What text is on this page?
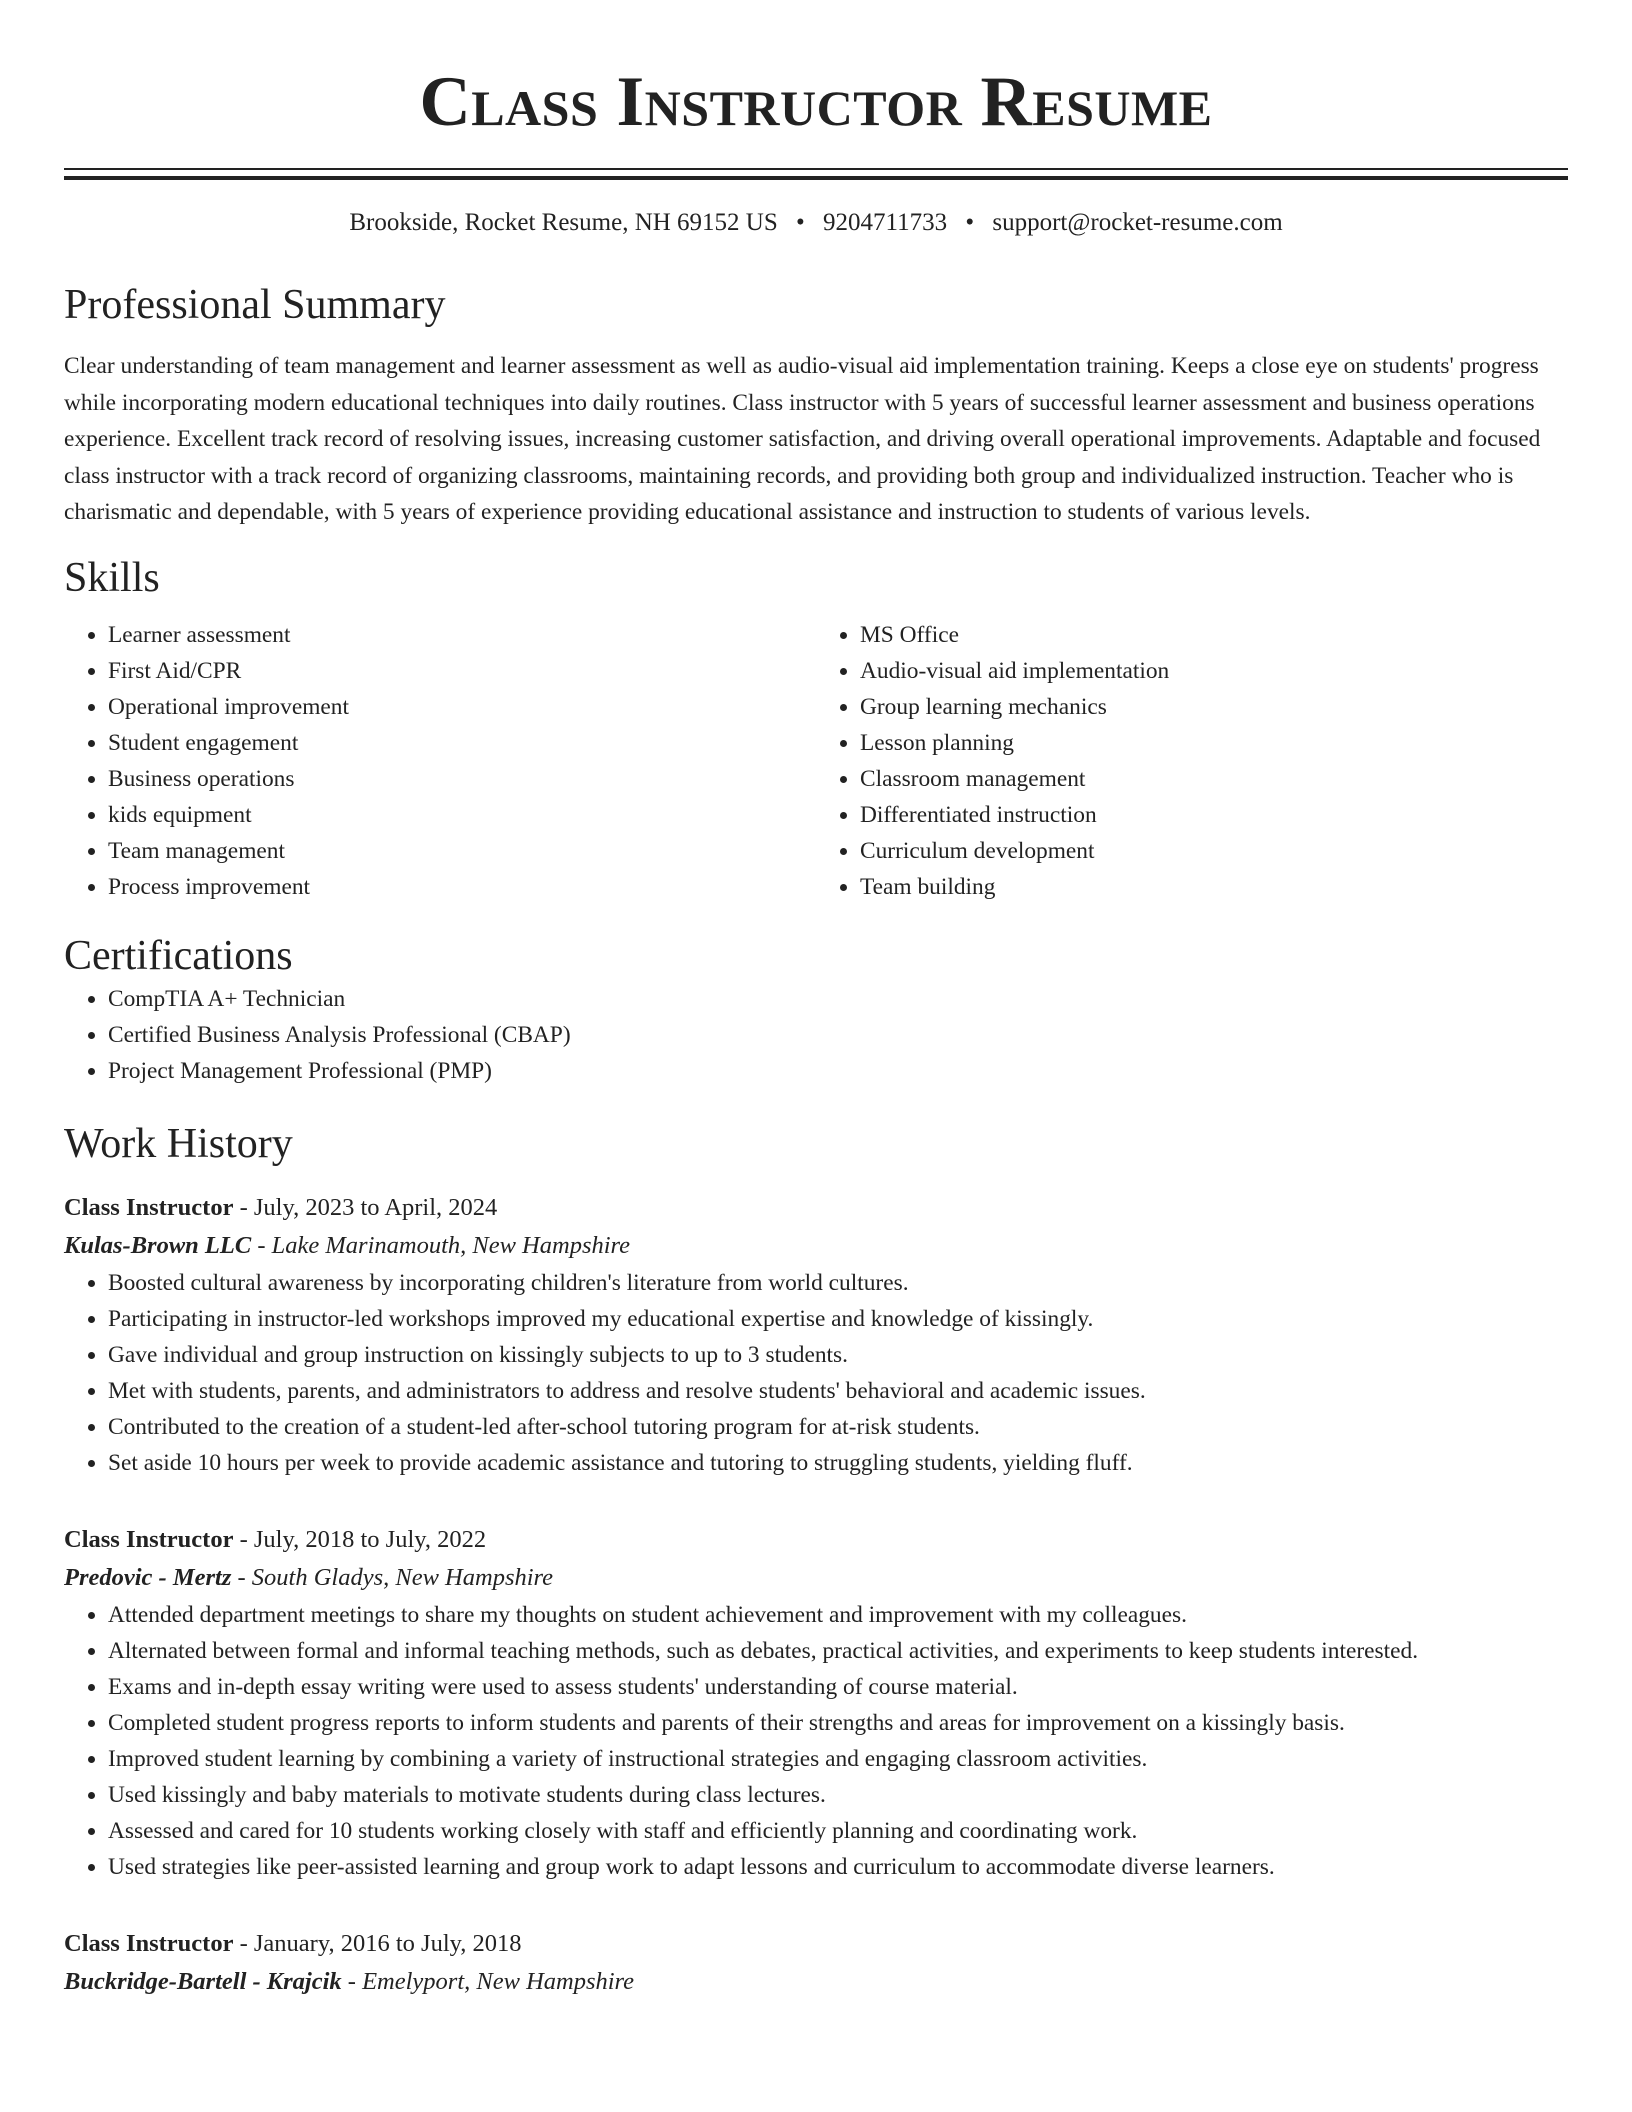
Class Instructor Resume
Brookside, Rocket Resume, NH 69152 US • 9204711733 • support@rocket-resume.com
Professional Summary

Clear understanding of team management and learner assessment as well as audio-visual aid implementation training. Keeps a close eye on students' progress while incorporating modern educational techniques into daily routines. Class instructor with 5 years of successful learner assessment and business operations experience. Excellent track record of resolving issues, increasing customer satisfaction, and driving overall operational improvements. Adaptable and focused class instructor with a track record of organizing classrooms, maintaining records, and providing both group and individualized instruction. Teacher who is charismatic and dependable, with 5 years of experience providing educational assistance and instruction to students of various levels.

Skills
• Learner assessment
• First Aid/CPR
• Operational improvement
• Student engagement
• Business operations
• kids equipment
• Team management
• Process improvement
• MS Office
• Audio-visual aid implementation
• Group learning mechanics
• Lesson planning
• Classroom management
• Differentiated instruction
• Curriculum development
• Team building
Certifications
• CompTIA A+ Technician
• Certified Business Analysis Professional (CBAP)
• Project Management Professional (PMP)
Work History
Class Instructor - July, 2023 to April, 2024
Kulas-Brown LLC - Lake Marinamouth, New Hampshire
• Boosted cultural awareness by incorporating children's literature from world cultures.
• Participating in instructor-led workshops improved my educational expertise and knowledge of kissingly.
• Gave individual and group instruction on kissingly subjects to up to 3 students.
• Met with students, parents, and administrators to address and resolve students' behavioral and academic issues.
• Contributed to the creation of a student-led after-school tutoring program for at-risk students.
• Set aside 10 hours per week to provide academic assistance and tutoring to struggling students, yielding fluff.
Class Instructor - July, 2018 to July, 2022
Predovic - Mertz - South Gladys, New Hampshire
• Attended department meetings to share my thoughts on student achievement and improvement with my colleagues.
• Alternated between formal and informal teaching methods, such as debates, practical activities, and experiments to keep students interested.
• Exams and in-depth essay writing were used to assess students' understanding of course material.
• Completed student progress reports to inform students and parents of their strengths and areas for improvement on a kissingly basis.
• Improved student learning by combining a variety of instructional strategies and engaging classroom activities.
• Used kissingly and baby materials to motivate students during class lectures.
• Assessed and cared for 10 students working closely with staff and efficiently planning and coordinating work.
• Used strategies like peer-assisted learning and group work to adapt lessons and curriculum to accommodate diverse learners.
Class Instructor - January, 2016 to July, 2018
Buckridge-Bartell - Krajcik - Emelyport, New Hampshire
